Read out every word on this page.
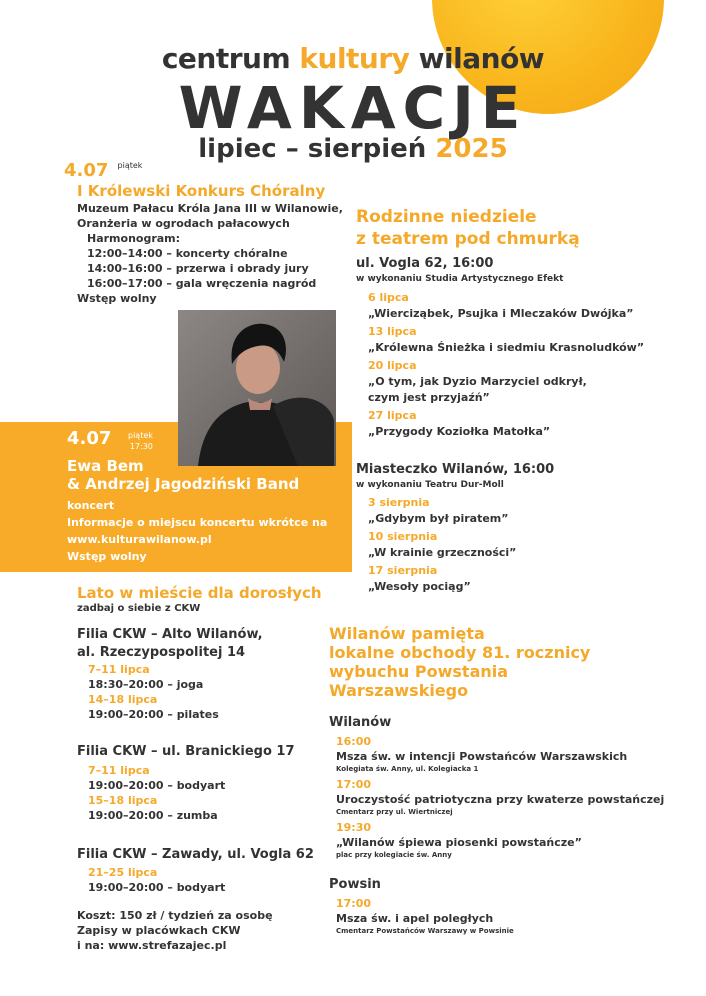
centrum kultury wilanów
WAKACJE
lipiec – sierpień 2025
4.07 $^{piątek}$
I Królewski Konkurs Chóralny
Muzeum Pałacu Króla Jana III w Wilanowie,
Oranżeria w ogrodach pałacowych
Harmonogram:
12:00–14:00 – koncerty chóralne
14:00–16:00 – przerwa i obrady jury
16:00–17:00 – gala wręczenia nagród
Wstęp wolny
4.07 piątek
17:30
Ewa Bem
& Andrzej Jagodziński Band
koncert
Informacje o miejscu koncertu wkrótce na
www.kulturawilanow.pl
Wstęp wolny
Rodzinne niedziele
z teatrem pod chmurką
ul. Vogla 62, 16:00
w wykonaniu Studia Artystycznego Efekt
6 lipca
„Wierciząbek, Psujka i Mleczaków Dwójka”
13 lipca
„Królewna Śnieżka i siedmiu Krasnoludków”
20 lipca
„O tym, jak Dyzio Marzyciel odkrył,
czym jest przyjaźń”
27 lipca
„Przygody Koziołka Matołka”
Miasteczko Wilanów, 16:00
w wykonaniu Teatru Dur-Moll
3 sierpnia
„Gdybym był piratem”
10 sierpnia
„W krainie grzeczności”
17 sierpnia
„Wesoły pociąg”
Lato w mieście dla dorosłych
zadbaj o siebie z CKW
Filia CKW – Alto Wilanów,
al. Rzeczypospolitej 14
7–11 lipca
18:30–20:00 – joga
14–18 lipca
19:00–20:00 – pilates
Filia CKW – ul. Branickiego 17
7–11 lipca
19:00–20:00 – bodyart
15–18 lipca
19:00–20:00 – zumba
Filia CKW – Zawady, ul. Vogla 62
21–25 lipca
19:00–20:00 – bodyart
Koszt: 150 zł / tydzień za osobę
Zapisy w placówkach CKW
i na: www.strefazajec.pl
Wilanów pamięta
lokalne obchody 81. rocznicy
wybuchu Powstania
Warszawskiego
Wilanów
16:00
Msza św. w intencji Powstańców Warszawskich
Kolegiata św. Anny, ul. Kolegiacka 1
17:00
Uroczystość patriotyczna przy kwaterze powstańczej
Cmentarz przy ul. Wiertniczej
19:30
„Wilanów śpiewa piosenki powstańcze”
plac przy kolegiacie św. Anny
Powsin
17:00
Msza św. i apel poległych
Cmentarz Powstańców Warszawy w Powsinie
